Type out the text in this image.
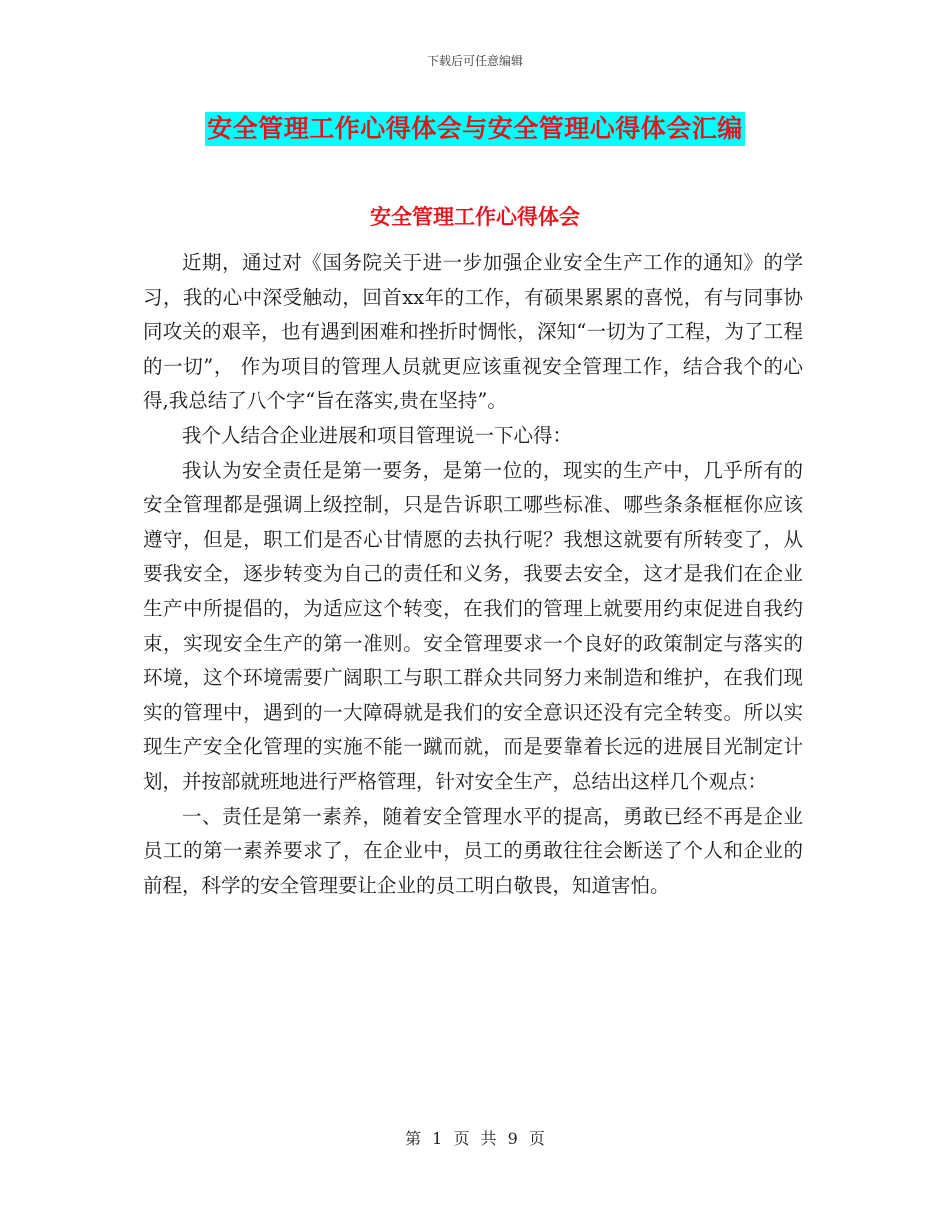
下载后可任意编辑
安全管理工作心得体会与安全管理心得体会汇编
安全管理工作心得体会

近期，通过对《国务院关于进一步加强企业安全生产工作的通知》的学习，我的心中深受触动，回首xx年的工作，有硕果累累的喜悦，有与同事协同攻关的艰辛，也有遇到困难和挫折时惆怅，深知“一切为了工程，为了工程的一切”， 作为项目的管理人员就更应该重视安全管理工作，结合我个的心得,我总结了八个字“旨在落实,贵在坚持”。

我个人结合企业进展和项目管理说一下心得：

我认为安全责任是第一要务，是第一位的，现实的生产中，几乎所有的安全管理都是强调上级控制，只是告诉职工哪些标准、哪些条条框框你应该遵守，但是，职工们是否心甘情愿的去执行呢？我想这就要有所转变了，从要我安全，逐步转变为自己的责任和义务，我要去安全，这才是我们在企业生产中所提倡的，为适应这个转变，在我们的管理上就要用约束促进自我约束，实现安全生产的第一准则。安全管理要求一个良好的政策制定与落实的环境，这个环境需要广阔职工与职工群众共同努力来制造和维护，在我们现实的管理中，遇到的一大障碍就是我们的安全意识还没有完全转变。所以实现生产安全化管理的实施不能一蹴而就，而是要靠着长远的进展目光制定计划，并按部就班地进行严格管理，针对安全生产，总结出这样几个观点：

一、责任是第一素养，随着安全管理水平的提高，勇敢已经不再是企业员工的第一素养要求了，在企业中，员工的勇敢往往会断送了个人和企业的前程，科学的安全管理要让企业的员工明白敬畏，知道害怕。

第 1 页 共 9 页
